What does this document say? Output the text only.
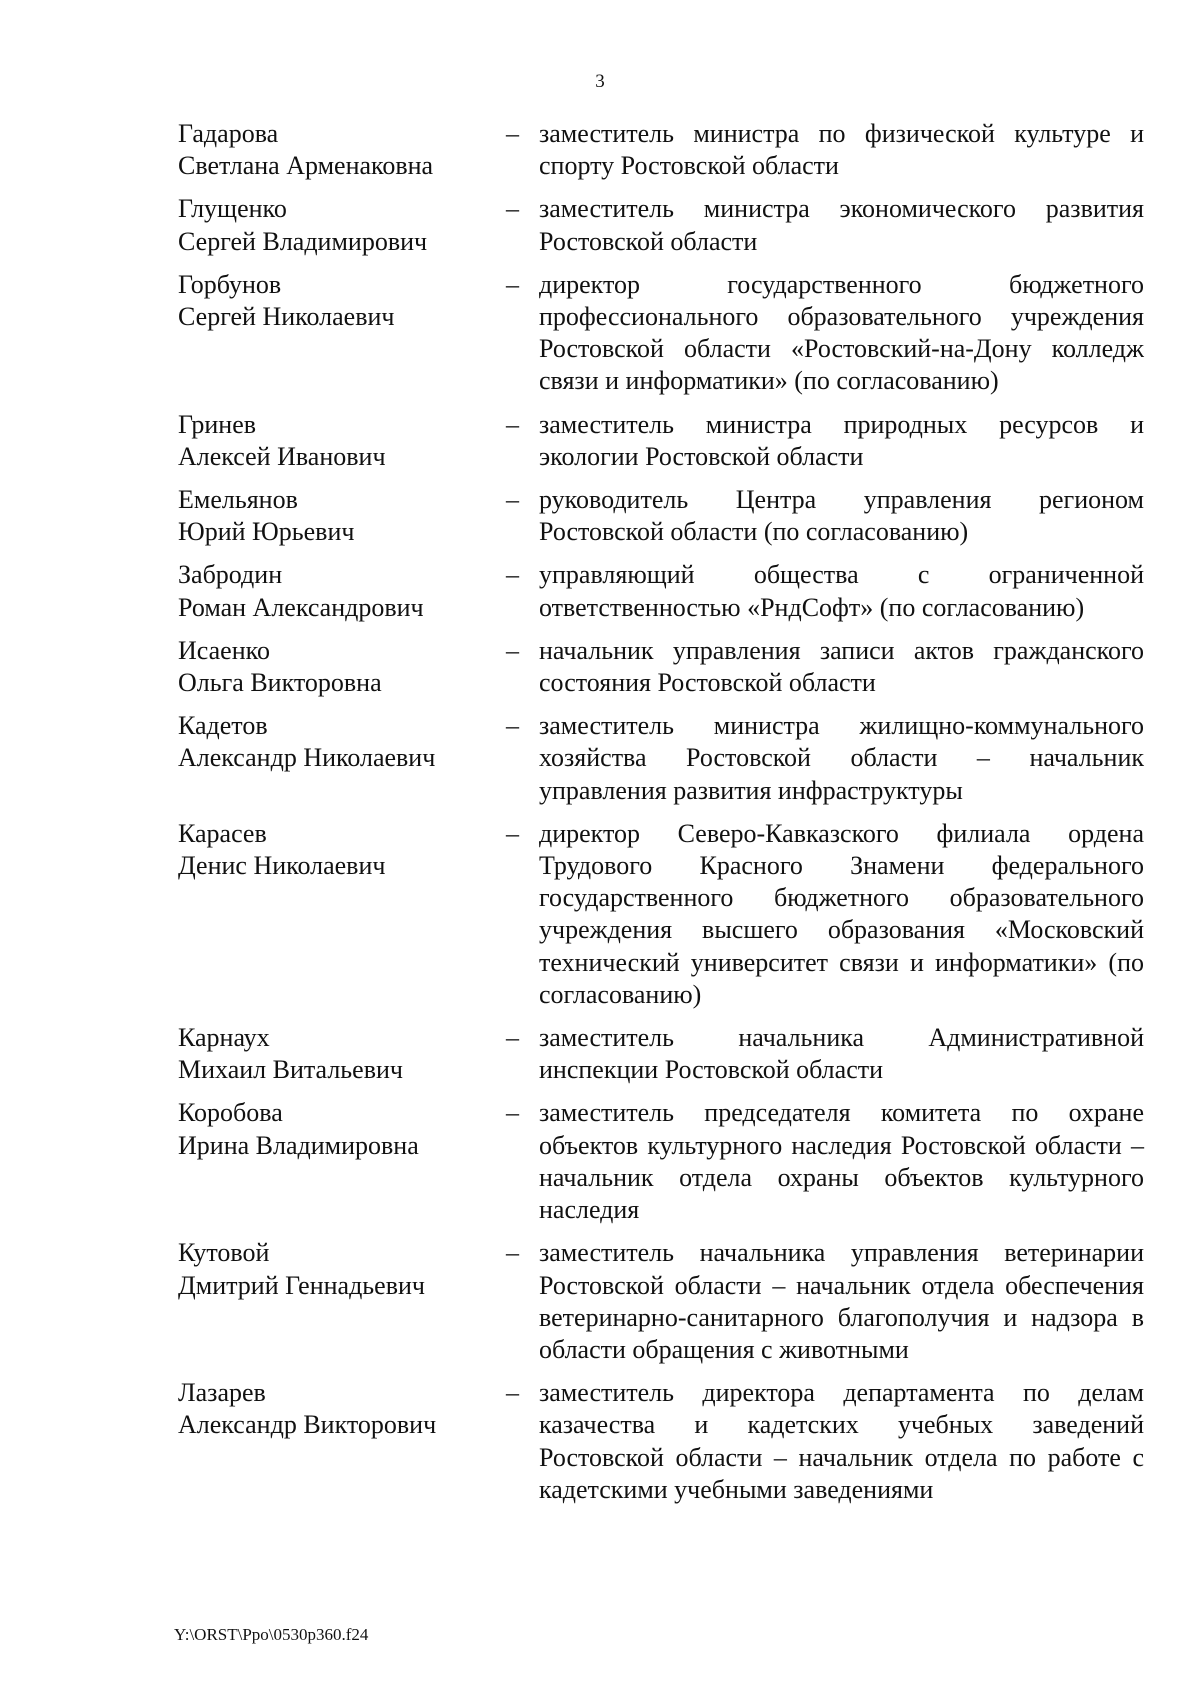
3
Гадарова
Светлана Арменаковна
– заместитель министра по физической культуре и спорту Ростовской области
Глущенко
Сергей Владимирович
– заместитель министра экономического развития Ростовской области
Горбунов
Сергей Николаевич
– директор государственного бюджетного профессионального образовательного учреждения Ростовской области «Ростовский-на-Дону колледж связи и информатики» (по согласованию)
Гринев
Алексей Иванович
– заместитель министра природных ресурсов и экологии Ростовской области
Емельянов
Юрий Юрьевич
– руководитель Центра управления регионом Ростовской области (по согласованию)
Забродин
Роман Александрович
– управляющий общества с ограниченной ответственностью «РндСофт» (по согласованию)
Исаенко
Ольга Викторовна
– начальник управления записи актов гражданского состояния Ростовской области
Кадетов
Александр Николаевич
– заместитель министра жилищно-коммунального хозяйства Ростовской области – начальник управления развития инфраструктуры
Карасев
Денис Николаевич
– директор Северо-Кавказского филиала ордена Трудового Красного Знамени федерального государственного бюджетного образовательного учреждения высшего образования «Московский технический университет связи и информатики» (по согласованию)
Карнаух
Михаил Витальевич
– заместитель начальника Административной инспекции Ростовской области
Коробова
Ирина Владимировна
– заместитель председателя комитета по охране объектов культурного наследия Ростовской области – начальник отдела охраны объектов культурного наследия
Кутовой
Дмитрий Геннадьевич
– заместитель начальника управления ветеринарии Ростовской области – начальник отдела обеспечения ветеринарно-санитарного благополучия и надзора в области обращения с животными
Лазарев
Александр Викторович
– заместитель директора департамента по делам казачества и кадетских учебных заведений Ростовской области – начальник отдела по работе с кадетскими учебными заведениями
Y:\ORST\Ppo\0530p360.f24
